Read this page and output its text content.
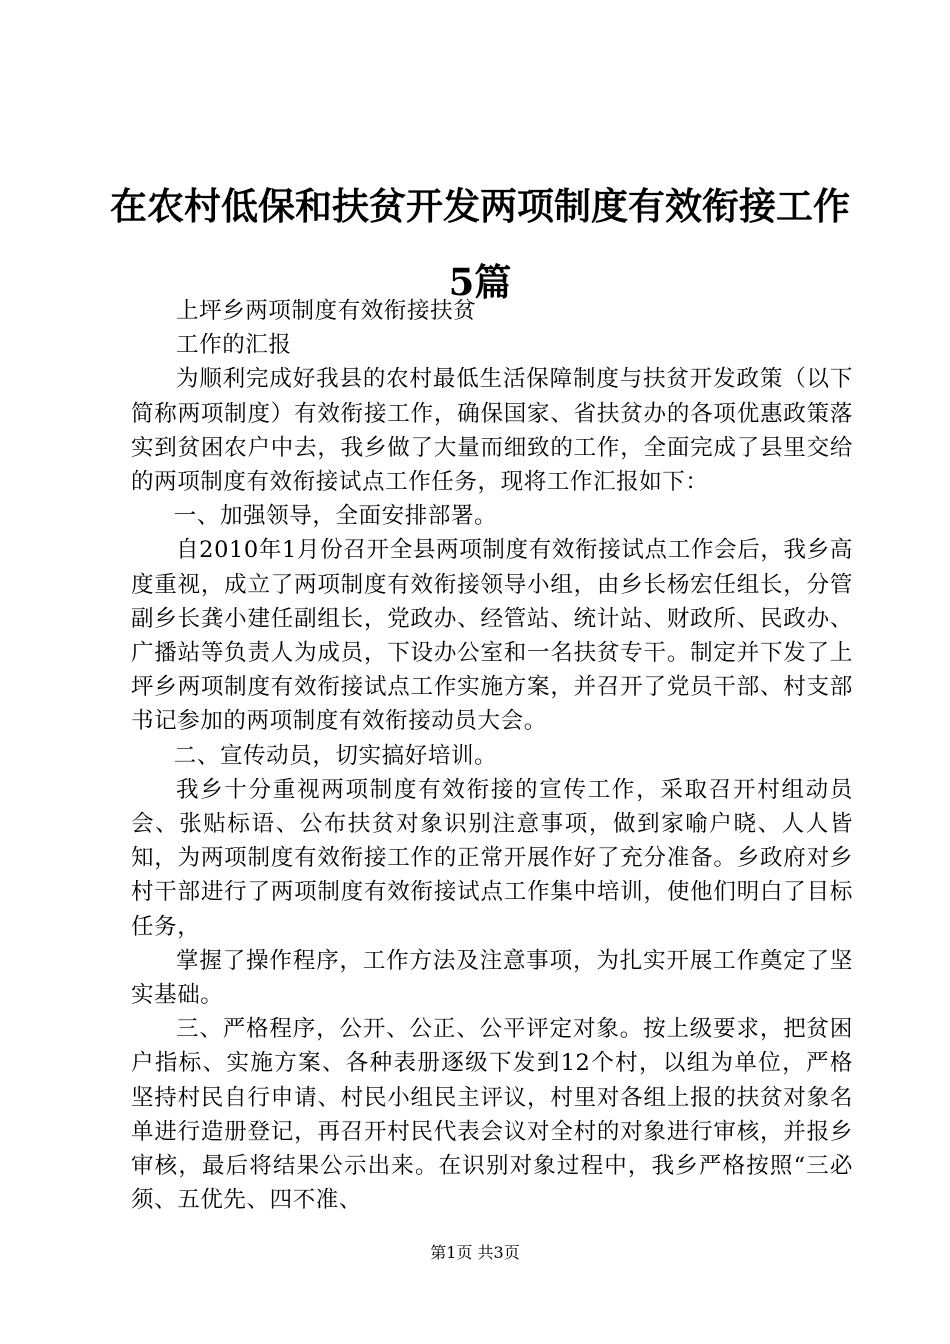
在农村低保和扶贫开发两项制度有效衔接工作5篇

上坪乡两项制度有效衔接扶贫

工作的汇报

为顺利完成好我县的农村最低生活保障制度与扶贫开发政策（以下简称两项制度）有效衔接工作，确保国家、省扶贫办的各项优惠政策落实到贫困农户中去，我乡做了大量而细致的工作，全面完成了县里交给的两项制度有效衔接试点工作任务，现将工作汇报如下：

一、加强领导，全面安排部署。

自2010年1月份召开全县两项制度有效衔接试点工作会后，我乡高度重视，成立了两项制度有效衔接领导小组，由乡长杨宏任组长，分管副乡长龚小建任副组长，党政办、经管站、统计站、财政所、民政办、广播站等负责人为成员，下设办公室和一名扶贫专干。制定并下发了上坪乡两项制度有效衔接试点工作实施方案，并召开了党员干部、村支部书记参加的两项制度有效衔接动员大会。

二、宣传动员，切实搞好培训。

我乡十分重视两项制度有效衔接的宣传工作，采取召开村组动员会、张贴标语、公布扶贫对象识别注意事项，做到家喻户晓、人人皆知，为两项制度有效衔接工作的正常开展作好了充分准备。乡政府对乡村干部进行了两项制度有效衔接试点工作集中培训，使他们明白了目标任务，

掌握了操作程序，工作方法及注意事项，为扎实开展工作奠定了坚实基础。

三、严格程序，公开、公正、公平评定对象。按上级要求，把贫困户指标、实施方案、各种表册逐级下发到12个村，以组为单位，严格坚持村民自行申请、村民小组民主评议，村里对各组上报的扶贫对象名单进行造册登记，再召开村民代表会议对全村的对象进行审核，并报乡审核，最后将结果公示出来。在识别对象过程中，我乡严格按照“三必须、五优先、四不准、

第1页 共3页
